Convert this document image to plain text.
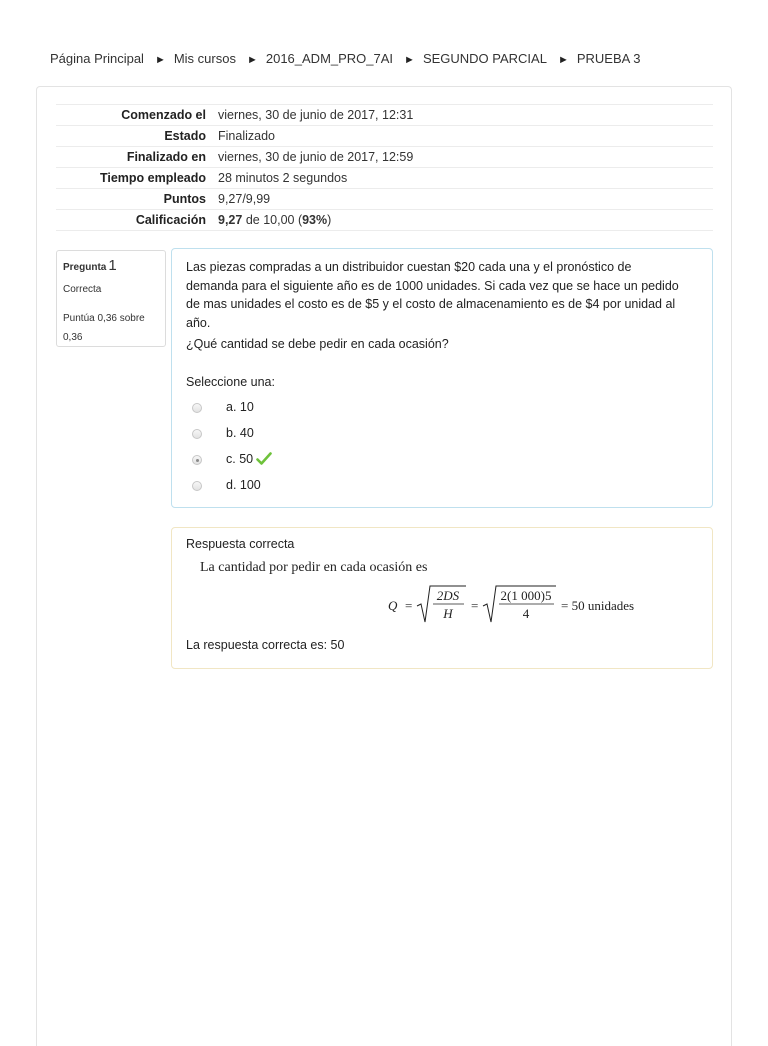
Página Principal ► Mis cursos ► 2016_ADM_PRO_7AI ► SEGUNDO PARCIAL ► PRUEBA 3
Comenzado el	viernes, 30 de junio de 2017, 12:31
Estado	Finalizado
Finalizado en	viernes, 30 de junio de 2017, 12:59
Tiempo empleado	28 minutos 2 segundos
Puntos	9,27/9,99
Calificación	9,27 de 10,00 (93%)
Pregunta 1
Correcta
Puntúa 0,36 sobre 0,36
Las piezas compradas a un distribuidor cuestan $20 cada una y el pronóstico de demanda para el siguiente año es de 1000 unidades. Si cada vez que se hace un pedido de mas unidades el costo es de $5 y el costo de almacenamiento es de $4 por unidad al año.
¿Qué cantidad se debe pedir en cada ocasión?
Seleccione una:
a. 10
b. 40
c. 50
d. 100
Respuesta correcta
La cantidad por pedir en cada ocasión es
Q =
2DS
H
=
2(1 000)5
4
= 50 unidades
La respuesta correcta es: 50
